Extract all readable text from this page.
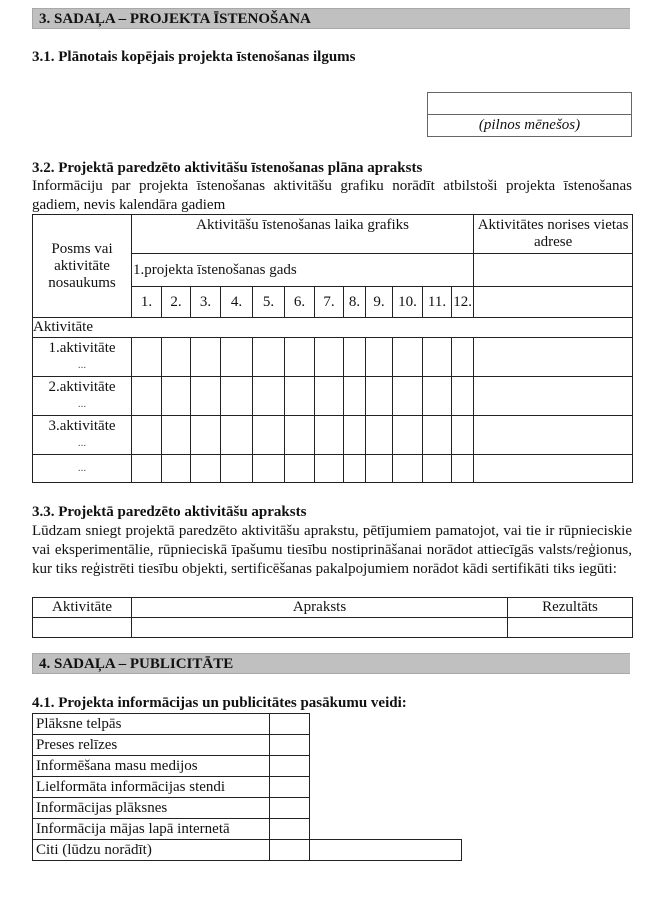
3. SADAĻA – PROJEKTA ĪSTENOŠANA
3.1. Plānotais kopējais projekta īstenošanas ilgums

(pilnos mēnešos)
3.2. Projektā paredzēto aktivitāšu īstenošanas plāna apraksts
Informāciju par projekta īstenošanas aktivitāšu grafiku norādīt atbilstoši projekta īstenošanas gadiem, nevis kalendāra gadiem
Posms vai aktivitāte nosaukums	Aktivitāšu īstenošanas laika grafiks												Aktivitātes norises vietas adrese
	1.projekta īstenošanas gads												
	1.	2.	3.	4.	5.	6.	7.	8.	9.	10.	11.	12.	
Aktivitāte													

1.aktivitāte
...													

2.aktivitāte
...													

3.aktivitāte
...													

...													

3.3. Projektā paredzēto aktivitāšu apraksts
Lūdzam sniegt projektā paredzēto aktivitāšu aprakstu, pētījumiem pamatojot, vai tie ir rūpnieciskie vai eksperimentālie, rūpnieciskā īpašumu tiesību nostiprināšanai norādot attiecīgās valsts/reģionus, kur tiks reģistrēti tiesību objekti, sertificēšanas pakalpojumiem norādot kādi sertifikāti tiks iegūti:
Aktivitāte	Apraksts	Rezultāts

4. SADAĻA – PUBLICITĀTE
4.1. Projekta informācijas un publicitātes pasākumu veidi:
Plāksne telpās		
Preses relīzes		
Informēšana masu medijos		
Lielformāta informācijas stendi		
Informācijas plāksnes		
Informācija mājas lapā internetā		
Citi (lūdzu norādīt)		
